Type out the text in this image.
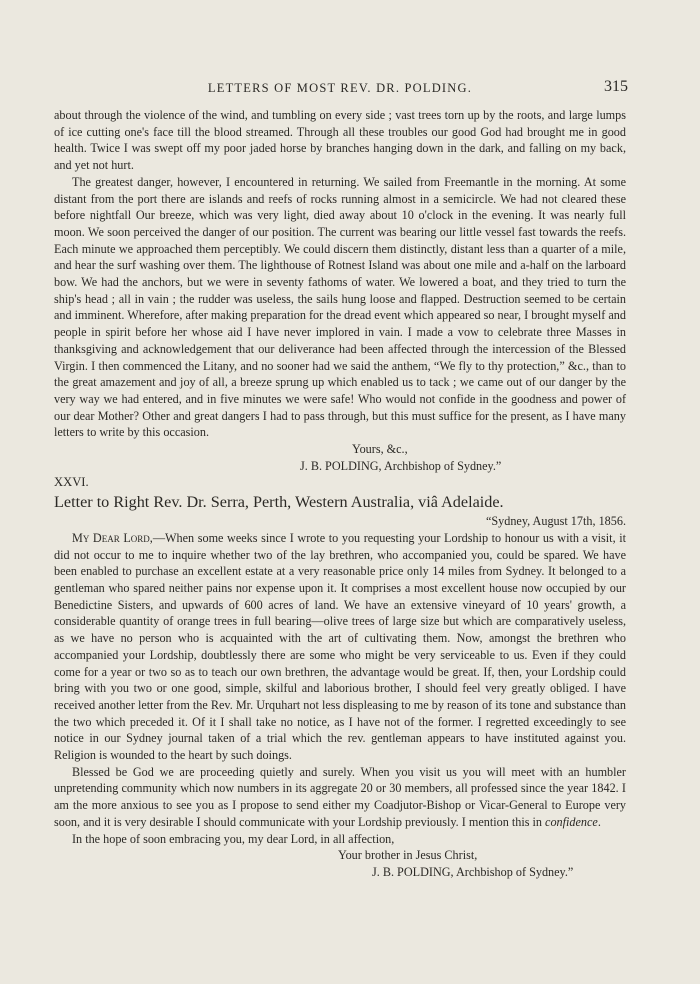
LETTERS OF MOST REV. DR. POLDING.	315

about through the violence of the wind, and tumbling on every side ; vast trees torn up by the roots, and large lumps of ice cutting one's face till the blood streamed. Through all these troubles our good God had brought me in good health. Twice I was swept off my poor jaded horse by branches hanging down in the dark, and falling on my back, and yet not hurt.

The greatest danger, however, I encountered in returning. We sailed from Freemantle in the morning. At some distant from the port there are islands and reefs of rocks running almost in a semicircle. We had not cleared these before nightfall Our breeze, which was very light, died away about 10 o'clock in the evening. It was nearly full moon. We soon perceived the danger of our position. The current was bearing our little vessel fast towards the reefs. Each minute we approached them perceptibly. We could discern them distinctly, distant less than a quarter of a mile, and hear the surf washing over them. The lighthouse of Rotnest Island was about one mile and a-half on the larboard bow. We had the anchors, but we were in seventy fathoms of water. We lowered a boat, and they tried to turn the ship's head ; all in vain ; the rudder was useless, the sails hung loose and flapped. Destruction seemed to be certain and imminent. Wherefore, after making preparation for the dread event which appeared so near, I brought myself and people in spirit before her whose aid I have never implored in vain. I made a vow to celebrate three Masses in thanksgiving and acknowledgement that our deliverance had been affected through the intercession of the Blessed Virgin. I then commenced the Litany, and no sooner had we said the anthem, “We fly to thy protection,” &c., than to the great amazement and joy of all, a breeze sprung up which enabled us to tack ; we came out of our danger by the very way we had entered, and in five minutes we were safe! Who would not confide in the goodness and power of our dear Mother? Other and great dangers I had to pass through, but this must suffice for the present, as I have many letters to write by this occasion.

Yours, &c.,

J. B. POLDING, Archbishop of Sydney.”

XXVI.

Letter to Right Rev. Dr. Serra, Perth, Western Australia, viâ Adelaide.

“Sydney, August 17th, 1856.

My Dear Lord,—When some weeks since I wrote to you requesting your Lordship to honour us with a visit, it did not occur to me to inquire whether two of the lay brethren, who accompanied you, could be spared. We have been enabled to purchase an excellent estate at a very reasonable price only 14 miles from Sydney. It belonged to a gentleman who spared neither pains nor expense upon it. It comprises a most excellent house now occupied by our Benedictine Sisters, and upwards of 600 acres of land. We have an extensive vineyard of 10 years' growth, a considerable quantity of orange trees in full bearing—olive trees of large size but which are comparatively useless, as we have no person who is acquainted with the art of cultivating them. Now, amongst the brethren who accompanied your Lordship, doubtlessly there are some who might be very serviceable to us. Even if they could come for a year or two so as to teach our own brethren, the advantage would be great. If, then, your Lordship could bring with you two or one good, simple, skilful and laborious brother, I should feel very greatly obliged. I have received another letter from the Rev. Mr. Urquhart not less displeasing to me by reason of its tone and substance than the two which preceded it. Of it I shall take no notice, as I have not of the former. I regretted exceedingly to see notice in our Sydney journal taken of a trial which the rev. gentleman appears to have instituted against you. Religion is wounded to the heart by such doings.

Blessed be God we are proceeding quietly and surely. When you visit us you will meet with an humbler unpretending community which now numbers in its aggregate 20 or 30 members, all professed since the year 1842. I am the more anxious to see you as I propose to send either my Coadjutor-Bishop or Vicar-General to Europe very soon, and it is very desirable I should communicate with your Lordship previously. I mention this in confidence.

In the hope of soon embracing you, my dear Lord, in all affection,

Your brother in Jesus Christ,

J. B. POLDING, Archbishop of Sydney.”
